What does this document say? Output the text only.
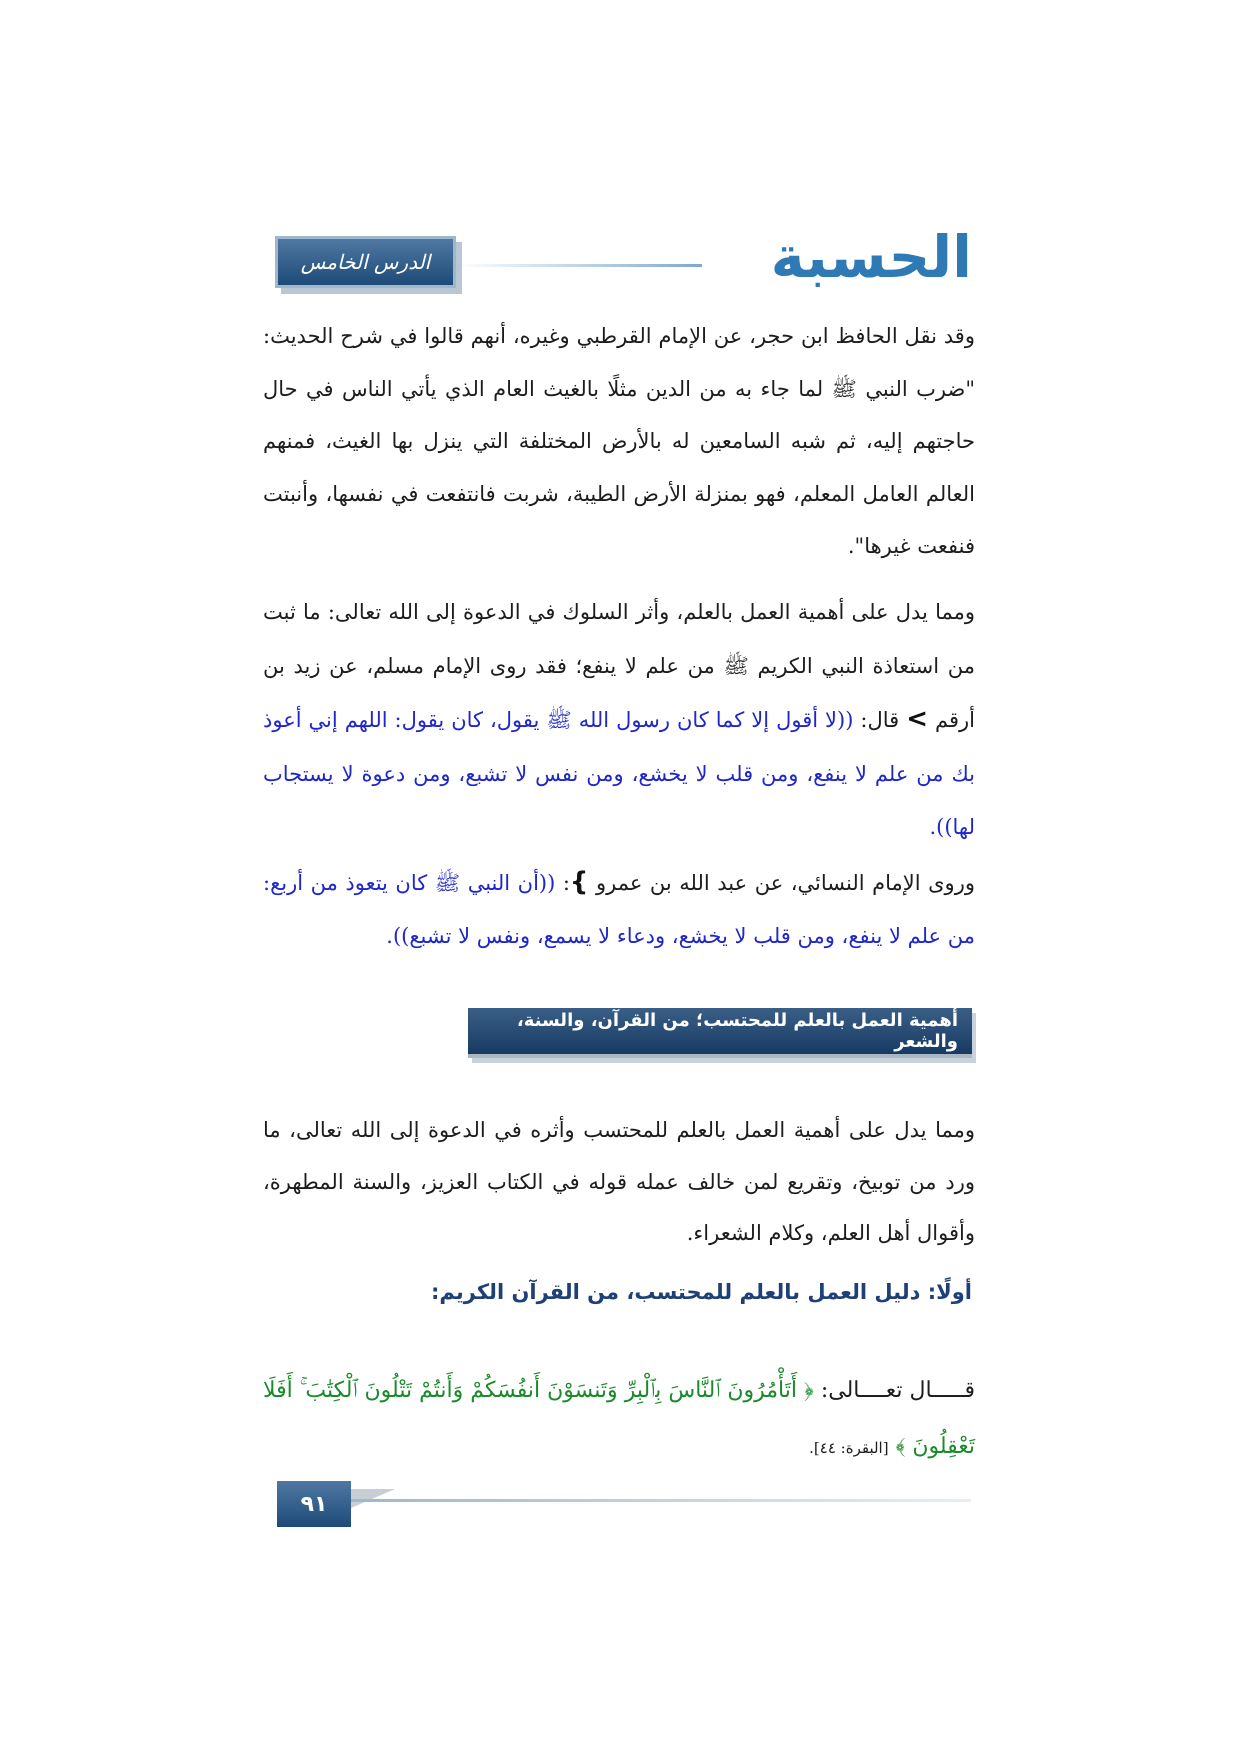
الحسبة
الدرس الخامس

وقد نقل الحافظ ابن حجر، عن الإمام القرطبي وغيره، أنهم قالوا في شرح الحديث: "ضرب النبي ﷺ لما جاء به من الدين مثلًا بالغيث العام الذي يأتي الناس في حال حاجتهم إليه، ثم شبه السامعين له بالأرض المختلفة التي ينزل بها الغيث، فمنهم العالم العامل المعلم، فهو بمنزلة الأرض الطيبة، شربت فانتفعت في نفسها، وأنبتت فنفعت غيرها".

ومما يدل على أهمية العمل بالعلم، وأثر السلوك في الدعوة إلى الله تعالى: ما ثبت من استعاذة النبي الكريم ﷺ من علم لا ينفع؛ فقد روى الإمام مسلم، عن زيد بن أرقم > قال: ((لا أقول إلا كما كان رسول الله ﷺ يقول، كان يقول: اللهم إني أعوذ بك من علم لا ينفع، ومن قلب لا يخشع، ومن نفس لا تشبع، ومن دعوة لا يستجاب لها)).

وروى الإمام النسائي، عن عبد الله بن عمرو }: ((أن النبي ﷺ كان يتعوذ من أربع: من علم لا ينفع، ومن قلب لا يخشع، ودعاء لا يسمع، ونفس لا تشبع)).

أهمية العمل بالعلم للمحتسب؛ من القرآن، والسنة، والشعر

ومما يدل على أهمية العمل بالعلم للمحتسب وأثره في الدعوة إلى الله تعالى، ما ورد من توبيخ، وتقريع لمن خالف عمله قوله في الكتاب العزيز، والسنة المطهرة، وأقوال أهل العلم، وكلام الشعراء.

أولًا: دليل العمل بالعلم للمحتسب، من القرآن الكريم:

قـــــال تعــــالى: ﴿ أَتَأْمُرُونَ ٱلنَّاسَ بِٱلْبِرِّ وَتَنسَوْنَ أَنفُسَكُمْ وَأَنتُمْ تَتْلُونَ ٱلْكِتَٰبَ ۚ أَفَلَا تَعْقِلُونَ ﴾ [البقرة: ٤٤].

٩١
